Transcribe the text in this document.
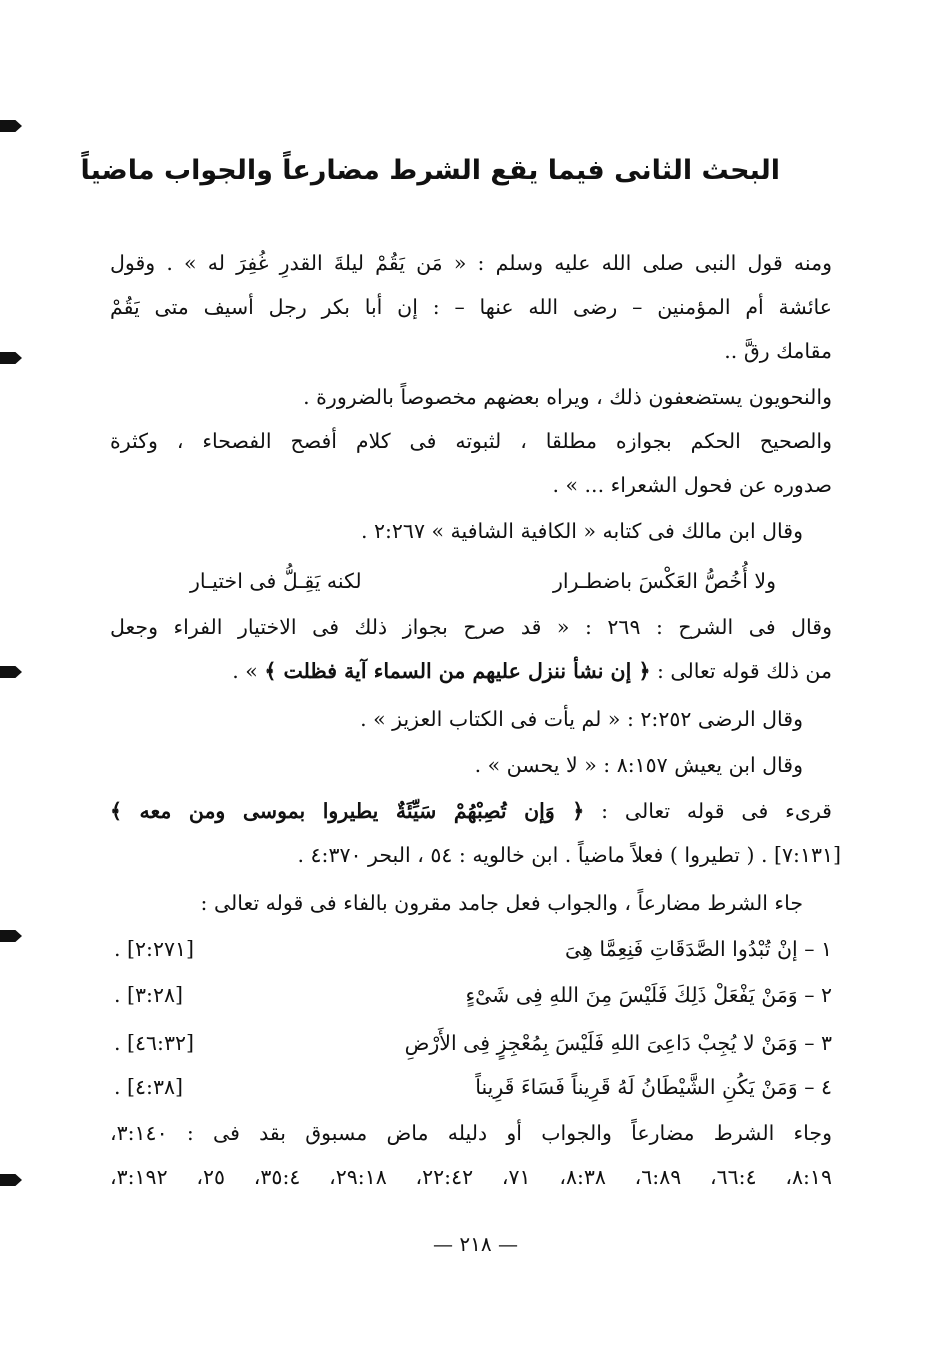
البحث الثانى فيما يقع الشرط مضارعاً والجواب ماضياً
ومنه قول النبى صلى الله عليه وسلم : « مَن يَقُمْ ليلةَ القدرِ غُفِرَ له » . وقول
عائشة أم المؤمنين – رضى الله عنها – : إن أبا بكر رجل أسيف متى يَقُمْ
مقامك رقَّ ..
والنحويون يستضعفون ذلك ، ويراه بعضهم مخصوصاً بالضرورة .
والصحيح الحكم بجوازه مطلقا ، لثبوته فى كلام أفصح الفصحاء ، وكثرة
صدوره عن فحول الشعراء ... » .
وقال ابن مالك فى كتابه « الكافية الشافية » ٢:٢٦٧ .
ولا أُخُصُّ العَكْسَ باضطـرار
لكنه يَقِـلُّ فى اختيـار
وقال فى الشرح : ٢٦٩ : « قد صرح بجواز ذلك فى الاختيار الفراء وجعل
من ذلك قوله تعالى : ﴿ إن نشأ ننزل عليهم من السماء آية فظلت ﴾ » .
وقال الرضى ٢:٢٥٢ : « لم يأت فى الكتاب العزيز » .
وقال ابن يعيش ٨:١٥٧ : « لا يحسن » .
قرىء فى قوله تعالى : ﴿ وَإن تُصِبْهُمْ سَيِّئَةٌ يطيروا بموسى ومن معه ﴾
[٧:١٣١] . ( تطيروا ) فعلاً ماضياً . ابن خالويه : ٥٤ ، البحر ٤:٣٧٠ .
جاء الشرط مضارعاً ، والجواب فعل جامد مقرون بالفاء فى قوله تعالى :
١ – إنْ تُبْدُوا الصَّدَقَاتِ فَنِعِمَّا هِىَ
[٢:٢٧١] .
٢ – وَمَنْ يَفْعَلْ ذَلِكَ فَلَيْسَ مِنَ اللهِ فِى شَىْءٍ
[٣:٢٨] .
٣ – وَمَنْ لا يُجِبْ دَاعِىَ اللهِ فَلَيْسَ بِمُعْجِزٍ فِى الأَرْضِ
[٤٦:٣٢] .
٤ – وَمَنْ يَكُنِ الشَّيْطَانُ لَهُ قَرِيناً فَسَاءَ قَرِيناً
[٤:٣٨] .
وجاء الشرط مضارعاً والجواب أو دليله ماض مسبوق بقد فى : ٣:١٤٠،
٨:١٩، ٦٦:٤، ٦:٨٩، ٨:٣٨، ٧١، ٢٢:٤٢، ٢٩:١٨، ٣٥:٤، ٢٥، ٣:١٩٢،
— ٢١٨ —
